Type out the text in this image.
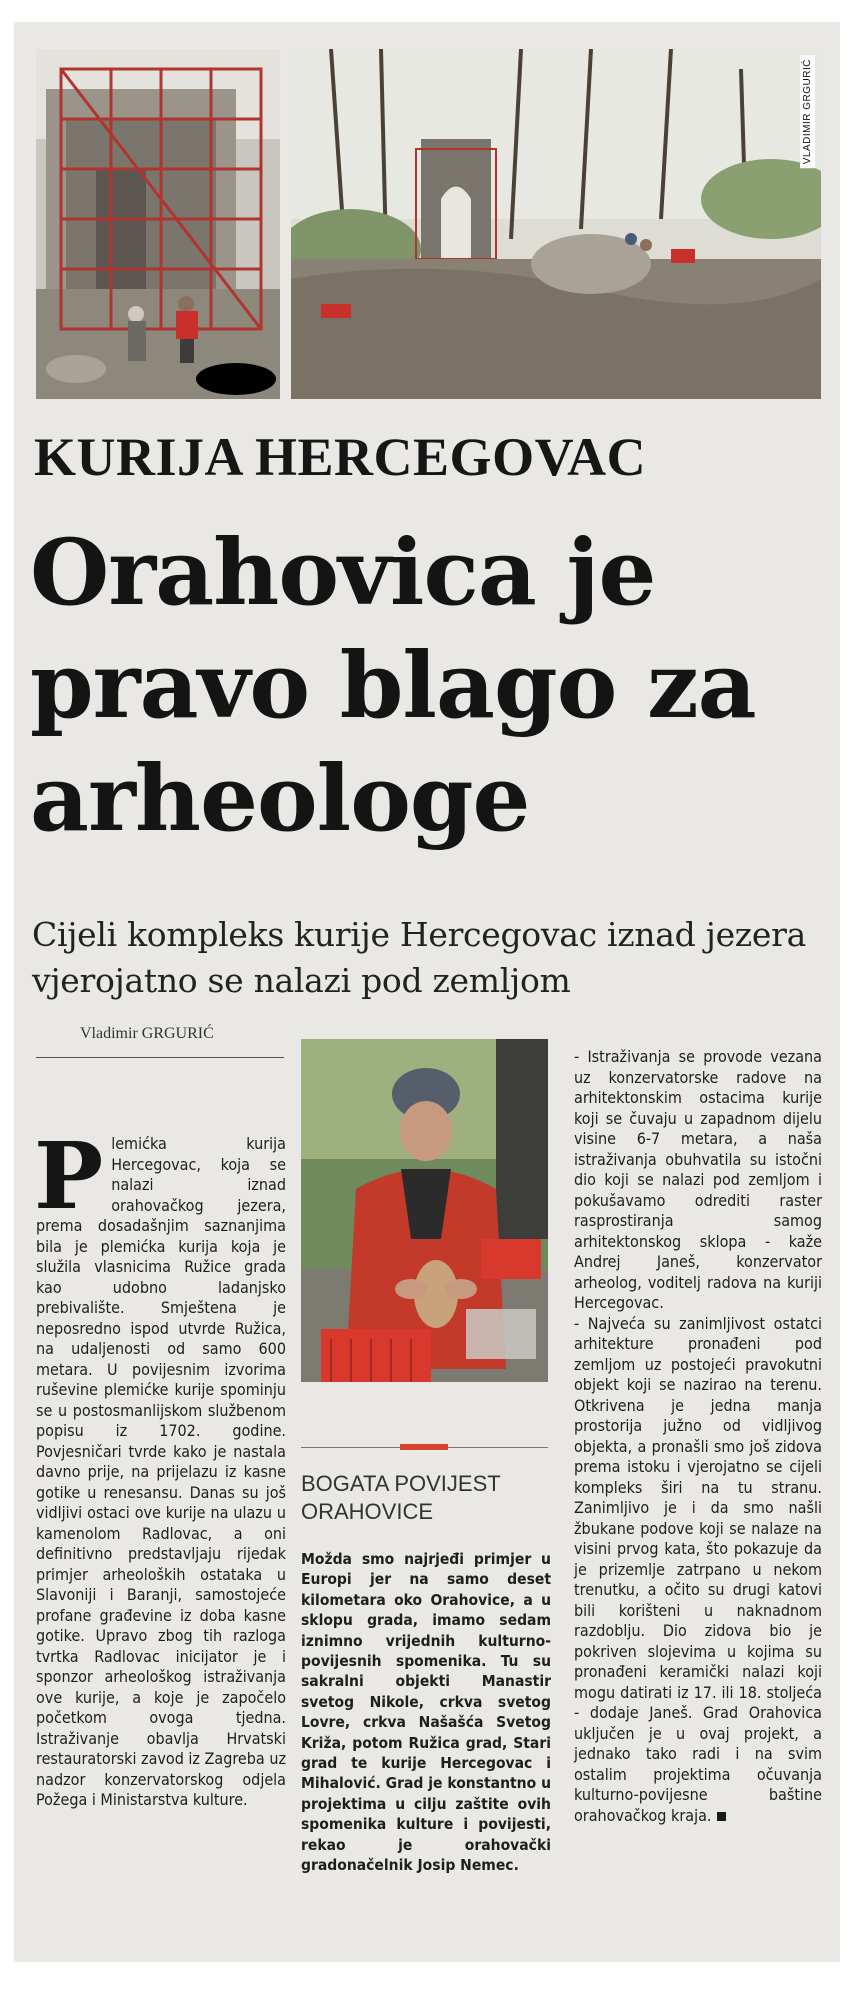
VLADIMIR GRGURIĆ
KURIJA HERCEGOVAC
Orahovica je pravo blago za arheologe
Cijeli kompleks kurije Hercegovac iznad jezera vjerojatno se nalazi pod zemljom
Vladimir GRGURIĆ
Plemićka kurija Hercegovac, koja se nalazi iznad orahovačkog jezera, prema dosadašnjim saznanjima bila je plemićka kurija koja je služila vlasnicima Ružice grada kao udobno ladanjsko prebivalište. Smještena je neposredno ispod utvrde Ružica, na udaljenosti od samo 600 metara. U povijesnim izvorima ruševine plemićke kurije spominju se u postosmanlijskom službenom popisu iz 1702. godine. Povjesničari tvrde kako je nastala davno prije, na prijelazu iz kasne gotike u renesansu. Danas su još vidljivi ostaci ove kurije na ulazu u kamenolom Radlovac, a oni definitivno predstavljaju rijedak primjer arheoloških ostataka u Slavoniji i Baranji, samostojeće profane građevine iz doba kasne gotike. Upravo zbog tih razloga tvrtka Radlovac inicijator je i sponzor arheološkog istraživanja ove kurije, a koje je započelo početkom ovoga tjedna. Istraživanje obavlja Hrvatski restauratorski zavod iz Zagreba uz nadzor konzervatorskog odjela Požega i Ministarstva kulture.
BOGATA POVIJEST ORAHOVICE
Možda smo najrjeđi primjer u Europi jer na samo deset kilometara oko Orahovice, a u sklopu grada, imamo sedam iznimno vrijednih kulturno-povijesnih spomenika. Tu su sakralni objekti Manastir svetog Nikole, crkva svetog Lovre, crkva Našašća Svetog Križa, potom Ružica grad, Stari grad te kurije Hercegovac i Mihalović. Grad je konstantno u projektima u cilju zaštite ovih spomenika kulture i povijesti, rekao je orahovački gradonačelnik Josip Nemec.

- Istraživanja se provode vezana uz konzervatorske radove na arhitektonskim ostacima kurije koji se čuvaju u zapadnom dijelu visine 6-7 metara, a naša istraživanja obuhvatila su istočni dio koji se nalazi pod zemljom i pokušavamo odrediti raster rasprostiranja samog arhitektonskog sklopa - kaže Andrej Janeš, konzervator arheolog, voditelj radova na kuriji Hercegovac.

- Najveća su zanimljivost ostatci arhitekture pronađeni pod zemljom uz postojeći pravokutni objekt koji se nazirao na terenu. Otkrivena je jedna manja prostorija južno od vidljivog objekta, a pronašli smo još zidova prema istoku i vjerojatno se cijeli kompleks širi na tu stranu. Zanimljivo je i da smo našli žbukane podove koji se nalaze na visini prvog kata, što pokazuje da je prizemlje zatrpano u nekom trenutku, a očito su drugi katovi bili korišteni u naknadnom razdoblju. Dio zidova bio je pokriven slojevima u kojima su pronađeni keramički nalazi koji mogu datirati iz 17. ili 18. stoljeća - dodaje Janeš. Grad Orahovica uključen je u ovaj projekt, a jednako tako radi i na svim ostalim projektima očuvanja kulturno-povijesne baštine orahovačkog kraja.
